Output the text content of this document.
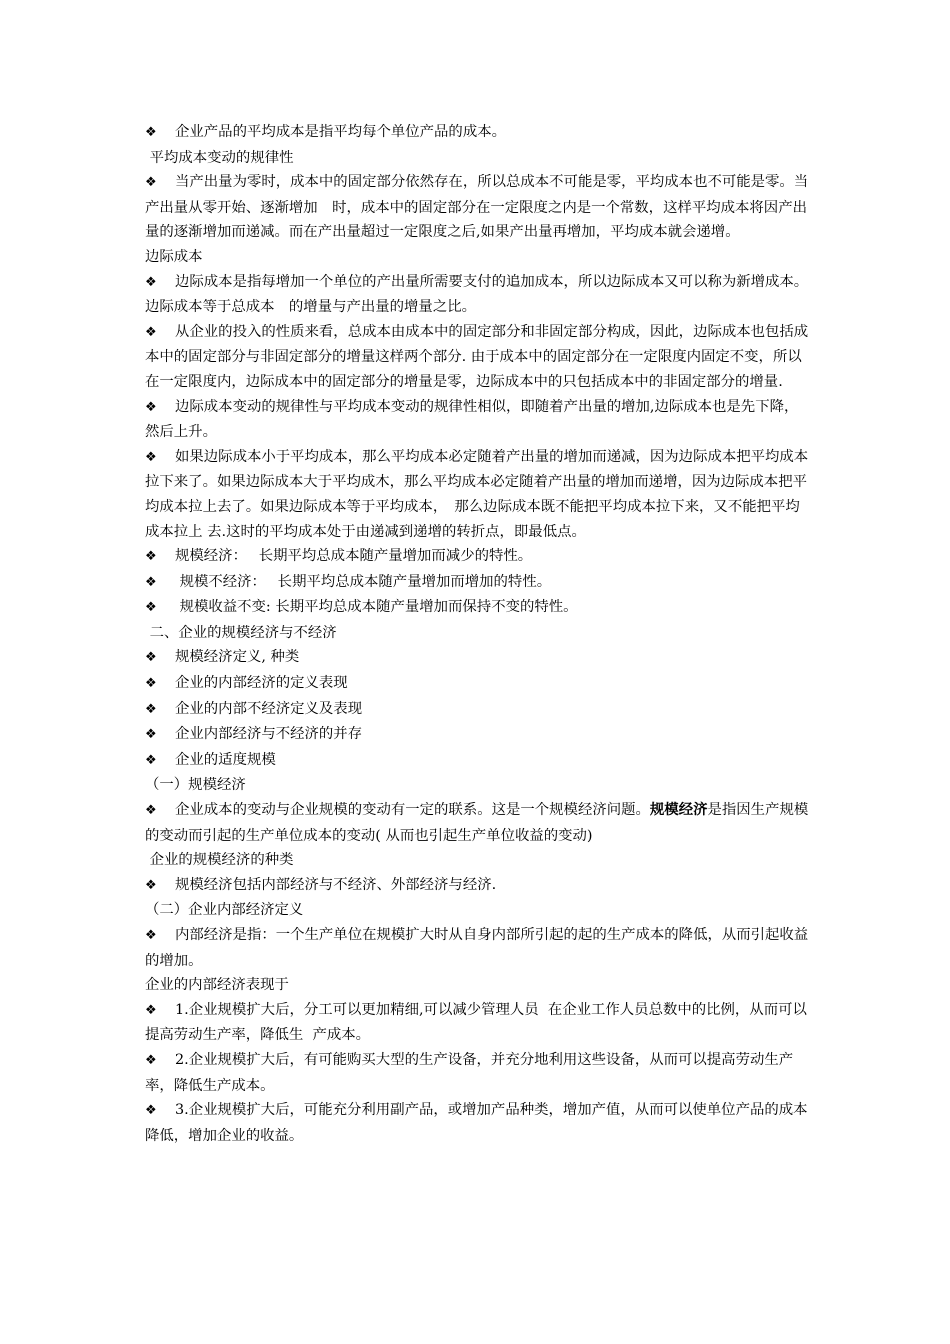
❖ 企业产品的平均成本是指平均每个单位产品的成本。
平均成本变动的规律性
❖ 当产出量为零时，成本中的固定部分依然存在，所以总成本不可能是零，平均成本也不可能是零。当产出量从零开始、逐渐增加　时，成本中的固定部分在一定限度之内是一个常数，这样平均成本将因产出量的逐渐增加而递减。而在产出量超过一定限度之后,如果产出量再增加，平均成本就会递增。
边际成本
❖ 边际成本是指每增加一个单位的产出量所需要支付的追加成本，所以边际成本又可以称为新增成本。边际成本等于总成本　的增量与产出量的增量之比。
❖ 从企业的投入的性质来看，总成本由成本中的固定部分和非固定部分构成，因此，边际成本也包括成本中的固定部分与非固定部分的增量这样两个部分. 由于成本中的固定部分在一定限度内固定不变，所以在一定限度内，边际成本中的固定部分的增量是零，边际成本中的只包括成本中的非固定部分的增量.
❖ 边际成本变动的规律性与平均成本变动的规律性相似，即随着产出量的增加,边际成本也是先下降，然后上升。
❖ 如果边际成本小于平均成本，那么平均成本必定随着产出量的增加而递减，因为边际成本把平均成本拉下来了。如果边际成本大于平均成木，那么平均成本必定随着产出量的增加而递增，因为边际成本把平均成本拉上去了。如果边际成本等于平均成本，　那么边际成本既不能把平均成本拉下来，又不能把平均成本拉上 去.这时的平均成本处于由递减到递增的转折点，即最低点。
❖ 规模经济：　 长期平均总成本随产量增加而减少的特性。
❖ 规模不经济：　 长期平均总成本随产量增加而增加的特性。
❖ 规模收益不变: 长期平均总成本随产量增加而保持不变的特性。
二、企业的规模经济与不经济
❖ 规模经济定义, 种类
❖ 企业的内部经济的定义表现
❖ 企业的内部不经济定义及表现
❖ 企业内部经济与不经济的并存
❖ 企业的适度规模
（一）规模经济
❖ 企业成本的变动与企业规模的变动有一定的联系。这是一个规模经济问题。规模经济是指因生产规模的变动而引起的生产单位成本的变动( 从而也引起生产单位收益的变动)
企业的规模经济的种类
❖ 规模经济包括内部经济与不经济、外部经济与经济.
（二）企业内部经济定义
❖ 内部经济是指：一个生产单位在规模扩大时从自身内部所引起的起的生产成本的降低，从而引起收益的增加。
企业的内部经济表现于
❖ 1.企业规模扩大后，分工可以更加精细,可以减少管理人员  在企业工作人员总数中的比例，从而可以提高劳动生产率，降低生  产成本。
❖ 2.企业规模扩大后，有可能购买大型的生产设备，并充分地利用这些设备，从而可以提高劳动生产率，降低生产成本。
❖ 3.企业规模扩大后，可能充分利用副产品，或增加产品种类，增加产值，从而可以使单位产品的成本降低，增加企业的收益。
